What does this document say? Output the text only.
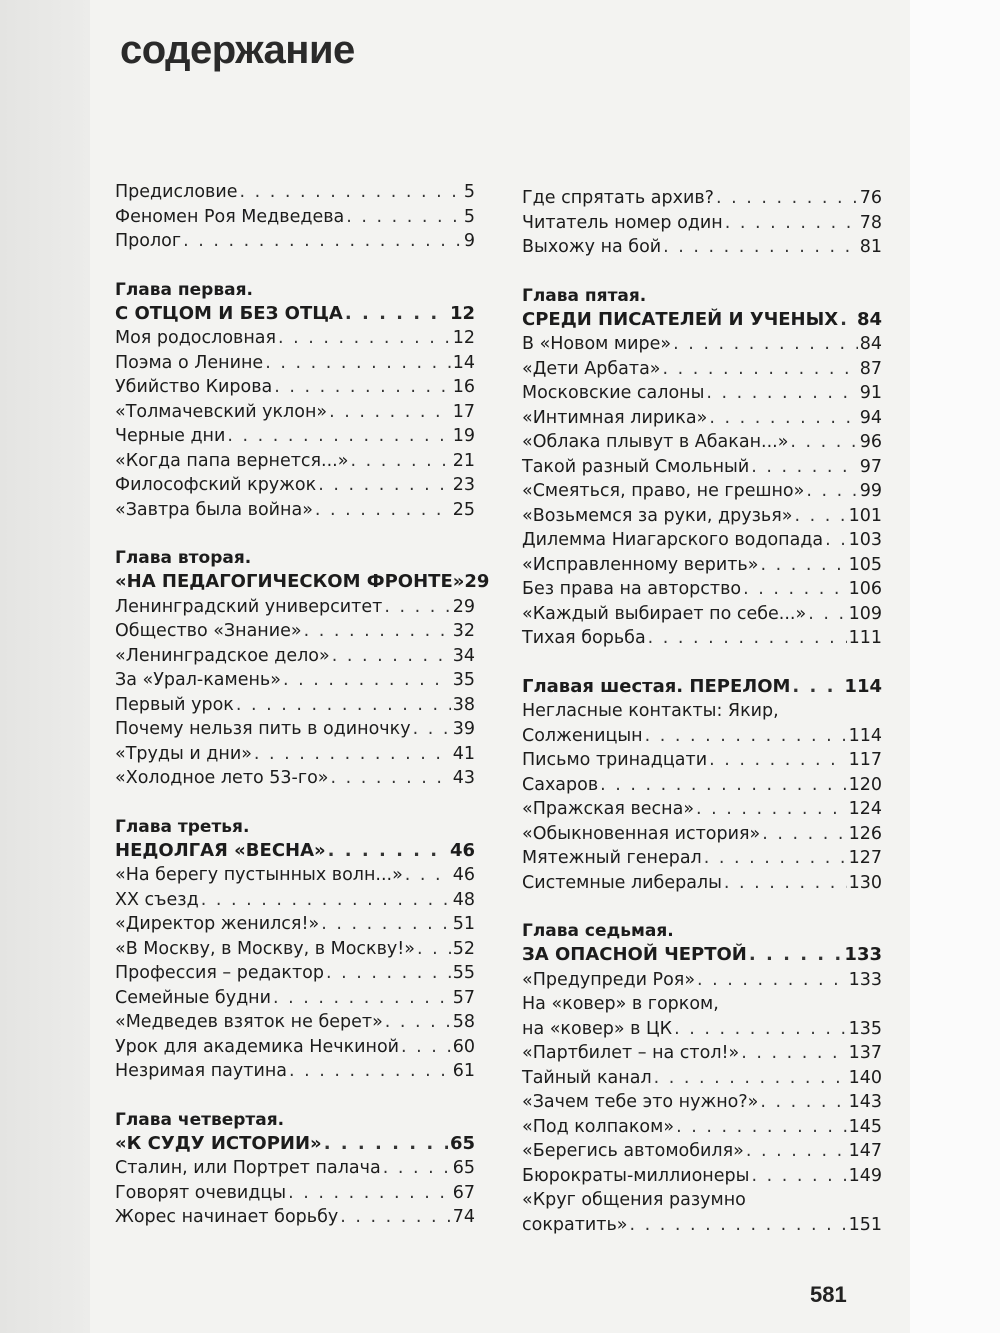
содержание
Предисловие . . .	5
Феномен Роя Медведева . . .	5
Пролог . . .	9
Глава первая.
С ОТЦОМ И БЕЗ ОТЦА . . .	12
Моя родословная . . .	12
Поэма о Ленине . . .	14
Убийство Кирова . . .	16
«Толмачевский уклон» . . .	17
Черные дни . . .	19
«Когда папа вернется...» . . .	21
Философский кружок . . .	23
«Завтра была война» . . .	25
Глава вторая.
«НА ПЕДАГОГИЧЕСКОМ ФРОНТЕ» 29
Ленинградский университет . . .	29
Общество «Знание» . . .	32
«Ленинградское дело» . . .	34
За «Урал-камень» . . .	35
Первый урок . . .	38
Почему нельзя пить в одиночку . . . 39
«Труды и дни» . . .	41
«Холодное лето 53-го» . . .	43
Глава третья.
НЕДОЛГАЯ «ВЕСНА» . . .	46
«На берегу пустынных волн...» . . .	46
XX съезд . . .	48
«Директор женился!» . . .	51
«В Москву, в Москву, в Москву!» . . . 52
Профессия – редактор . . .	55
Семейные будни . . .	57
«Медведев взяток не берет» . . .	58
Урок для академика Нечкиной . . .	60
Незримая паутина . . .	61
Глава четвертая.
«К СУДУ ИСТОРИИ» . . .	65
Сталин, или Портрет палача . . .	65
Говорят очевидцы . . .	67
Жорес начинает борьбу . . .	74
Где спрятать архив? . . .	76
Читатель номер один . . .	78
Выхожу на бой . . .	81
Глава пятая.
СРЕДИ ПИСАТЕЛЕЙ И УЧЕНЫХ . . . 84
В «Новом мире» . . .	84
«Дети Арбата» . . .	87
Московские салоны . . .	91
«Интимная лирика» . . .	94
«Облака плывут в Абакан...» . . .	96
Такой разный Смольный . . .	97
«Смеяться, право, не грешно» . . .	99
«Возьмемся за руки, друзья» . . .	101
Дилемма Ниагарского водопада . . . 103
«Исправленному верить» . . .	105
Без права на авторство . . .	106
«Каждый выбирает по себе...» . . . 109
Тихая борьба . . .	111
Главая шестая. ПЕРЕЛОМ . . .	114
Негласные контакты: Якир,
Солженицын . . .	114
Письмо тринадцати . . .	117
Сахаров . . .	120
«Пражская весна» . . .	124
«Обыкновенная история» . . .	126
Мятежный генерал . . .	127
Системные либералы . . .	130
Глава седьмая.
ЗА ОПАСНОЙ ЧЕРТОЙ . . .	133
«Предупреди Роя» . . .	133
На «ковер» в горком,
на «ковер» в ЦК . . .	135
«Партбилет – на стол!» . . .	137
Тайный канал . . .	140
«Зачем тебе это нужно?» . . .	143
«Под колпаком» . . .	145
«Берегись автомобиля» . . .	147
Бюрократы-миллионеры . . .	149
«Круг общения разумно
сократить» . . .	151
581
